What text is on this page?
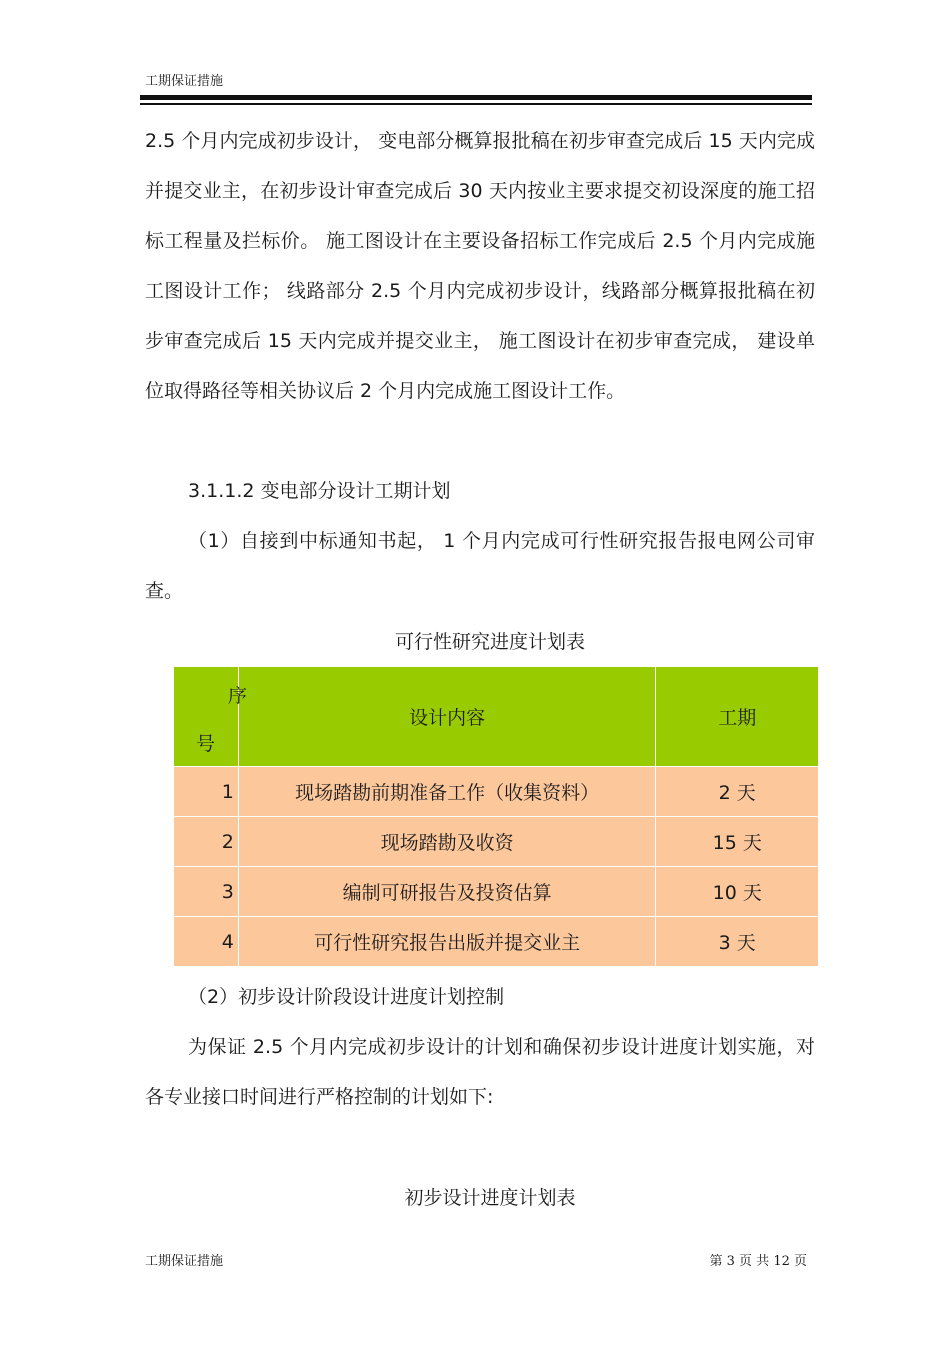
工期保证措施
2.5 个月内完成初步设计， 变电部分概算报批稿在初步审查完成后 15 天内完成并提交业主，在初步设计审查完成后 30 天内按业主要求提交初设深度的施工招标工程量及拦标价。 施工图设计在主要设备招标工作完成后 2.5 个月内完成施工图设计工作； 线路部分 2.5 个月内完成初步设计，线路部分概算报批稿在初步审查完成后 15 天内完成并提交业主， 施工图设计在初步审查完成， 建设单位取得路径等相关协议后 2 个月内完成施工图设计工作。
3.1.1.2 变电部分设计工期计划
（1）自接到中标通知书起， 1 个月内完成可行性研究报告报电网公司审查。
可行性研究进度计划表
序
号	设计内容	工期
1	现场踏勘前期准备工作（收集资料）	2 天
2	现场踏勘及收资	15 天
3	编制可研报告及投资估算	10 天
4	可行性研究报告出版并提交业主	3 天
（2）初步设计阶段设计进度计划控制
为保证 2.5 个月内完成初步设计的计划和确保初步设计进度计划实施，对各专业接口时间进行严格控制的计划如下:
初步设计进度计划表
工期保证措施	第 3 页 共 12 页
